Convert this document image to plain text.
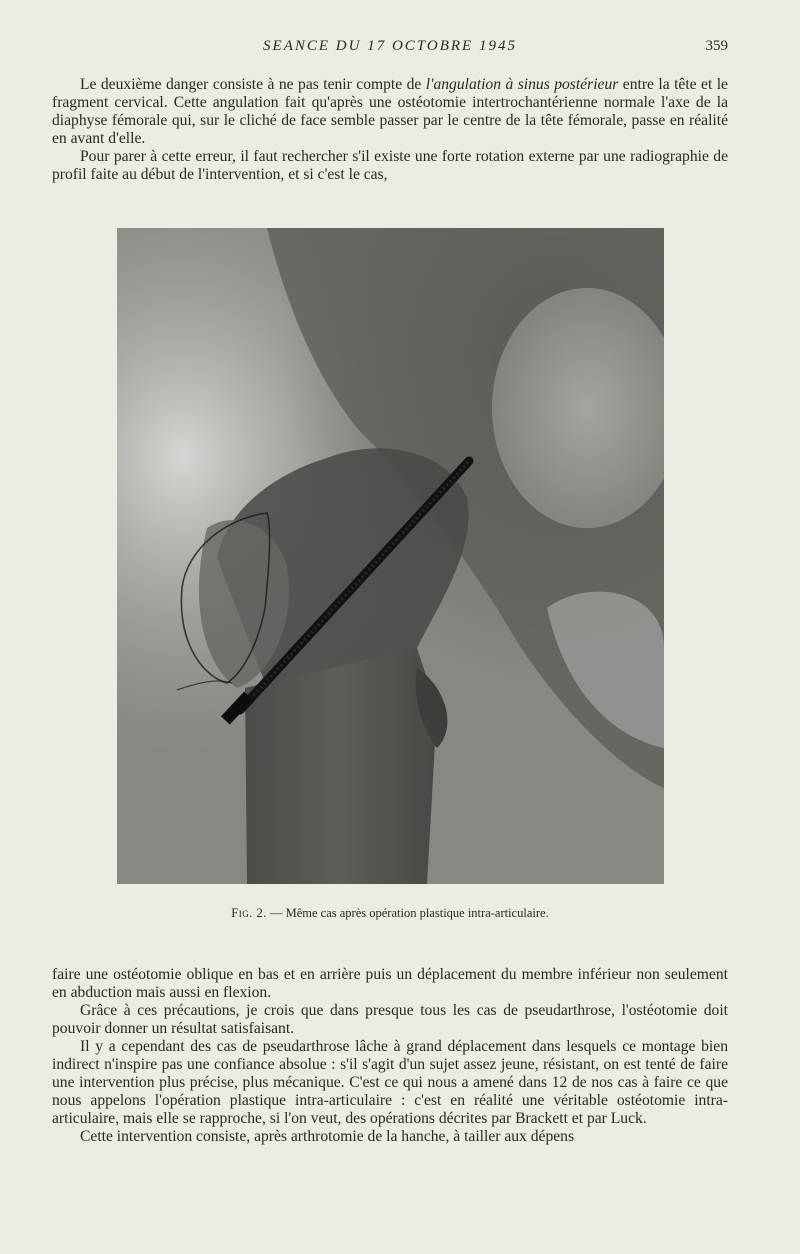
SEANCE DU 17 OCTOBRE 1945	359

Le deuxième danger consiste à ne pas tenir compte de l'angulation à sinus postérieur entre la tête et le fragment cervical. Cette angulation fait qu'après une ostéotomie intertrochantérienne normale l'axe de la diaphyse fémorale qui, sur le cliché de face semble passer par le centre de la tête fémorale, passe en réalité en avant d'elle.

Pour parer à cette erreur, il faut rechercher s'il existe une forte rotation externe par une radiographie de profil faite au début de l'intervention, et si c'est le cas,

Fig. 2. — Même cas après opération plastique intra-articulaire.

faire une ostéotomie oblique en bas et en arrière puis un déplacement du membre inférieur non seulement en abduction mais aussi en flexion.

Grâce à ces précautions, je crois que dans presque tous les cas de pseudarthrose, l'ostéotomie doit pouvoir donner un résultat satisfaisant.

Il y a cependant des cas de pseudarthrose lâche à grand déplacement dans lesquels ce montage bien indirect n'inspire pas une confiance absolue : s'il s'agit d'un sujet assez jeune, résistant, on est tenté de faire une intervention plus précise, plus mécanique. C'est ce qui nous a amené dans 12 de nos cas à faire ce que nous appelons l'opération plastique intra-articulaire : c'est en réalité une véritable ostéotomie intra-articulaire, mais elle se rapproche, si l'on veut, des opérations décrites par Brackett et par Luck.

Cette intervention consiste, après arthrotomie de la hanche, à tailler aux dépens
